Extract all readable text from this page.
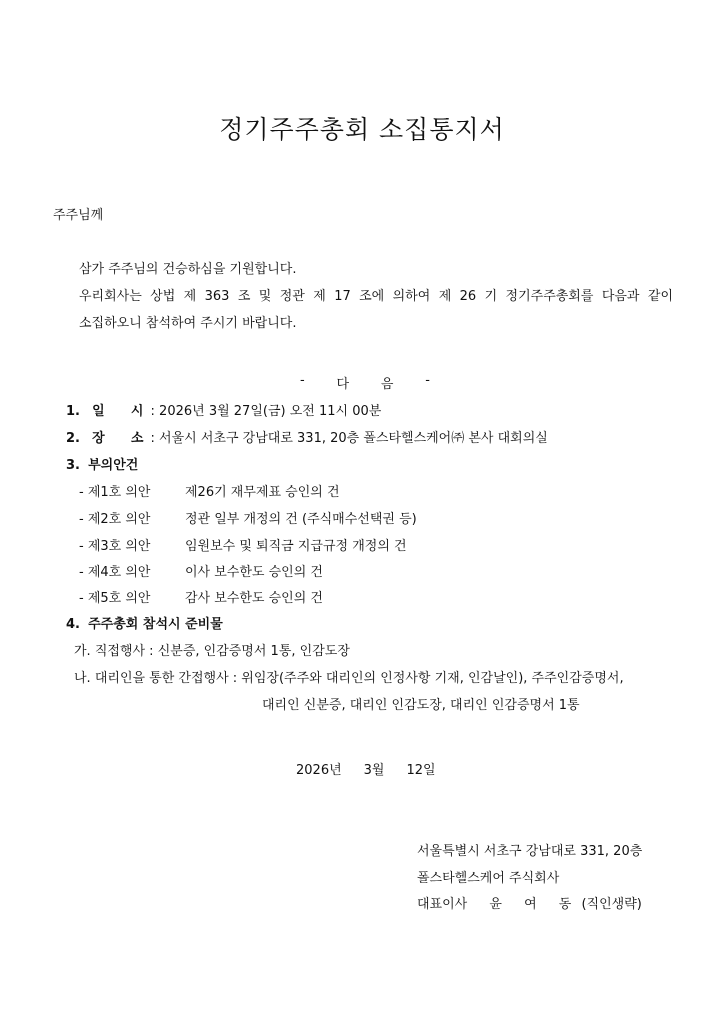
정기주주총회 소집통지서
주주님께
삼가 주주님의 건승하심을 기원합니다.
우리회사는 상법 제 363 조 및 정관 제 17 조에 의하여 제 26 기 정기주주총회를 다음과 같이
소집하오니 참석하여 주시기 바랍니다.
- 다 음 -
1. 일 시 : 2026년 3월 27일(금) 오전 11시 00분
2. 장 소 : 서울시 서초구 강남대로 331, 20층 폴스타헬스케어㈜ 본사 대회의실
3. 부의안건
- 제1호 의안	제26기 재무제표 승인의 건
- 제2호 의안	정관 일부 개정의 건 (주식매수선택권 등)
- 제3호 의안	임원보수 및 퇴직금 지급규정 개정의 건
- 제4호 의안	이사 보수한도 승인의 건
- 제5호 의안	감사 보수한도 승인의 건
4. 주주총회 참석시 준비물
가. 직접행사 : 신분증, 인감증명서 1통, 인감도장
나. 대리인을 통한 간접행사 : 위임장(주주와 대리인의 인정사항 기재, 인감날인), 주주인감증명서,
대리인 신분증, 대리인 인감도장, 대리인 인감증명서 1통
2026년 3월 12일
서울특별시 서초구 강남대로 331, 20층
폴스타헬스케어 주식회사
대표이사 윤 여 동 (직인생략)
